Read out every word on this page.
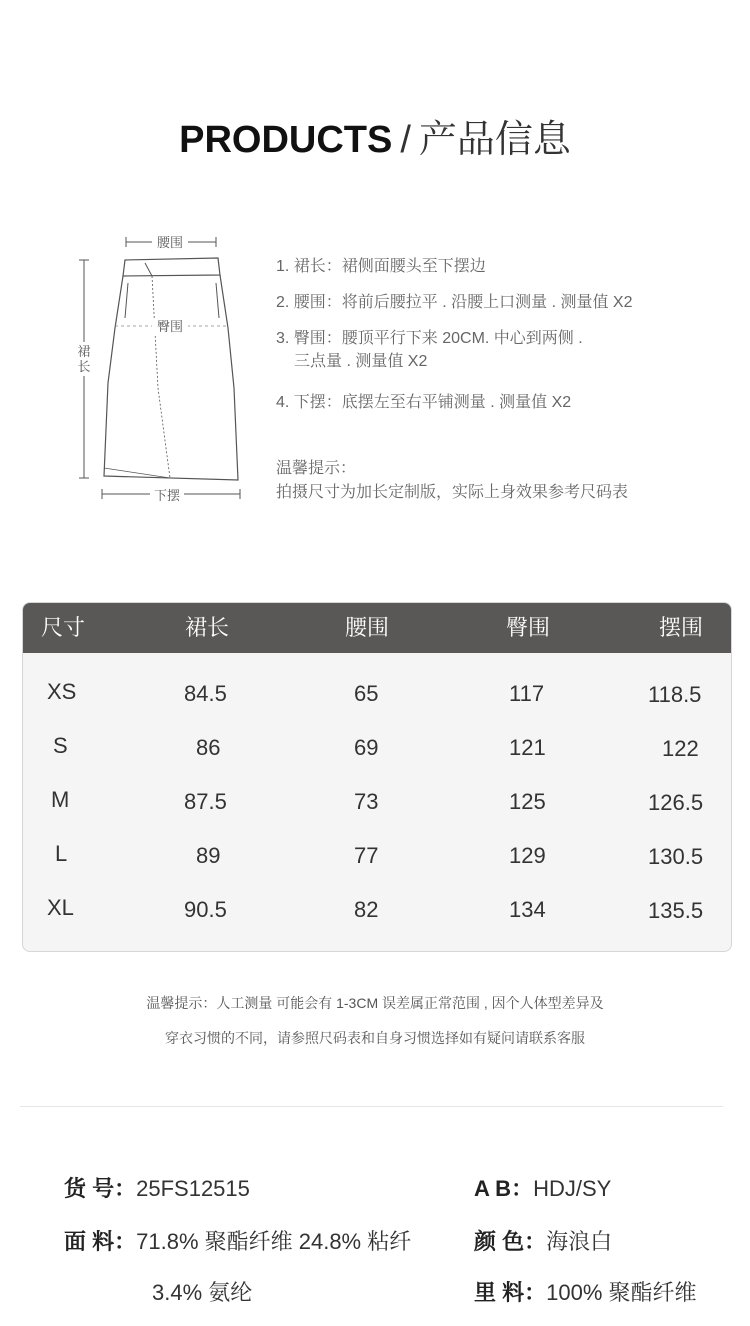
PRODUCTS / 产品信息
腰围
臀围
裙长
下摆
1. 裙长：裙侧面腰头至下摆边
2. 腰围：将前后腰拉平 . 沿腰上口测量 . 测量值 X2
3. 臀围：腰顶平行下来 20CM. 中心到两侧 .
三点量 . 测量值 X2
4. 下摆：底摆左至右平铺测量 . 测量值 X2
温馨提示：
拍摄尺寸为加长定制版，实际上身效果参考尺码表
尺寸	裙长	腰围	臀围	摆围
XS	84.5	65	117	118.5
S	86	69	121	122
M	87.5	73	125	126.5
L	89	77	129	130.5
XL	90.5	82	134	135.5
温馨提示：人工测量 可能会有 1-3CM 误差属正常范围 , 因个人体型差异及
穿衣习惯的不同，请参照尺码表和自身习惯选择如有疑问请联系客服
货 号：25FS12515	A B：HDJ/SY
面 料：71.8% 聚酯纤维 24.8% 粘纤	颜 色：海浪白
3.4% 氨纶	里 料：100% 聚酯纤维
